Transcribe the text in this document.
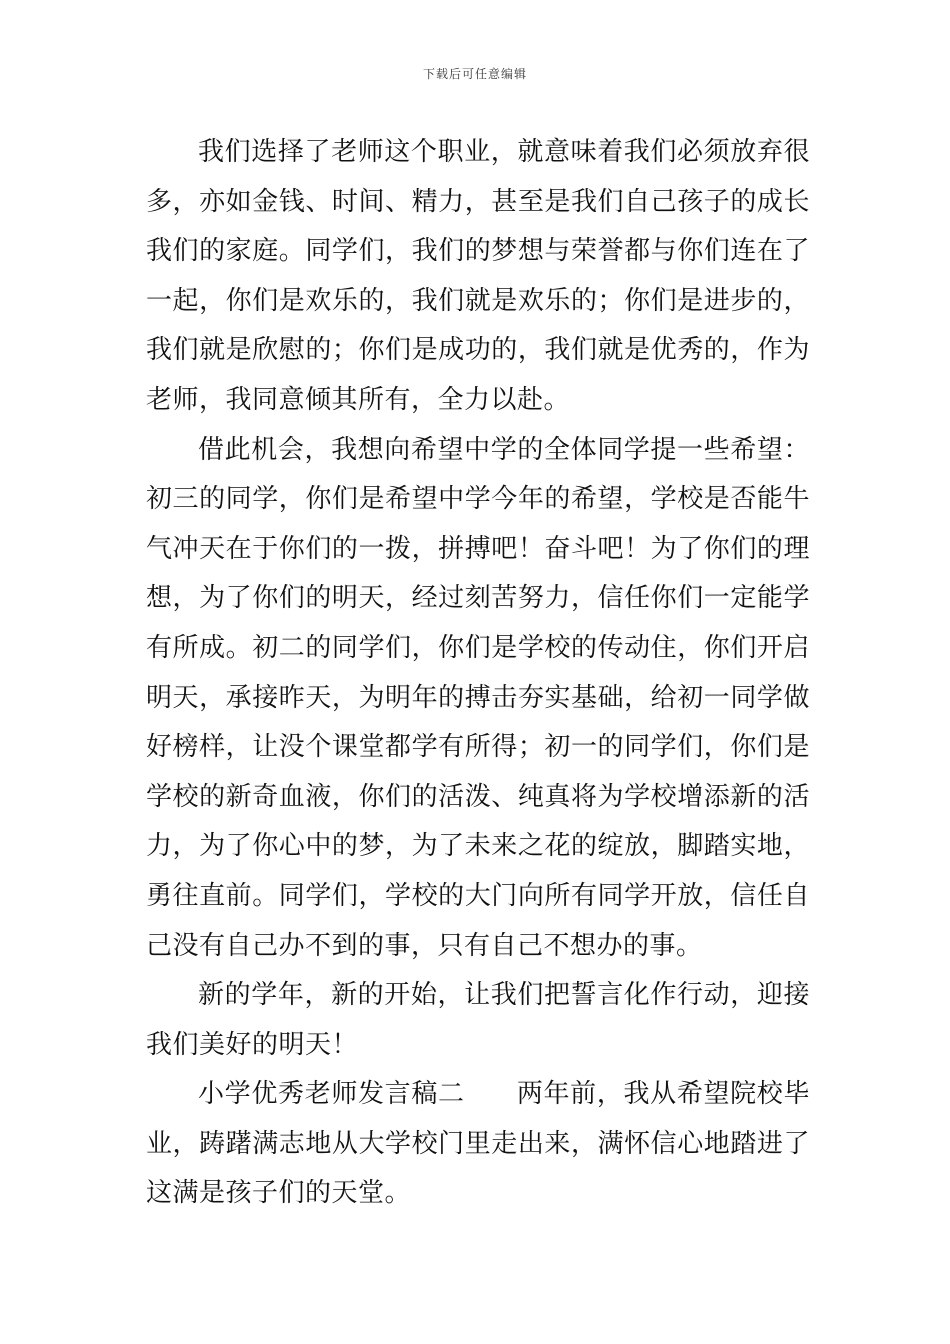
下载后可任意编辑

我们选择了老师这个职业，就意味着我们必须放弃很多，亦如金钱、时间、精力，甚至是我们自己孩子的成长我们的家庭。同学们，我们的梦想与荣誉都与你们连在了一起，你们是欢乐的，我们就是欢乐的；你们是进步的，我们就是欣慰的；你们是成功的，我们就是优秀的，作为老师，我同意倾其所有，全力以赴。

借此机会，我想向希望中学的全体同学提一些希望：初三的同学，你们是希望中学今年的希望，学校是否能牛气冲天在于你们的一拨，拼搏吧！奋斗吧！为了你们的理想，为了你们的明天，经过刻苦努力，信任你们一定能学有所成。初二的同学们，你们是学校的传动住，你们开启明天，承接昨天，为明年的搏击夯实基础，给初一同学做好榜样，让没个课堂都学有所得；初一的同学们，你们是学校的新奇血液，你们的活泼、纯真将为学校增添新的活力，为了你心中的梦，为了未来之花的绽放，脚踏实地，勇往直前。同学们，学校的大门向所有同学开放，信任自己没有自己办不到的事，只有自己不想办的事。

新的学年，新的开始，让我们把誓言化作行动，迎接我们美好的明天！

小学优秀老师发言稿二 两年前，我从希望院校毕业，踌躇满志地从大学校门里走出来，满怀信心地踏进了这满是孩子们的天堂。
